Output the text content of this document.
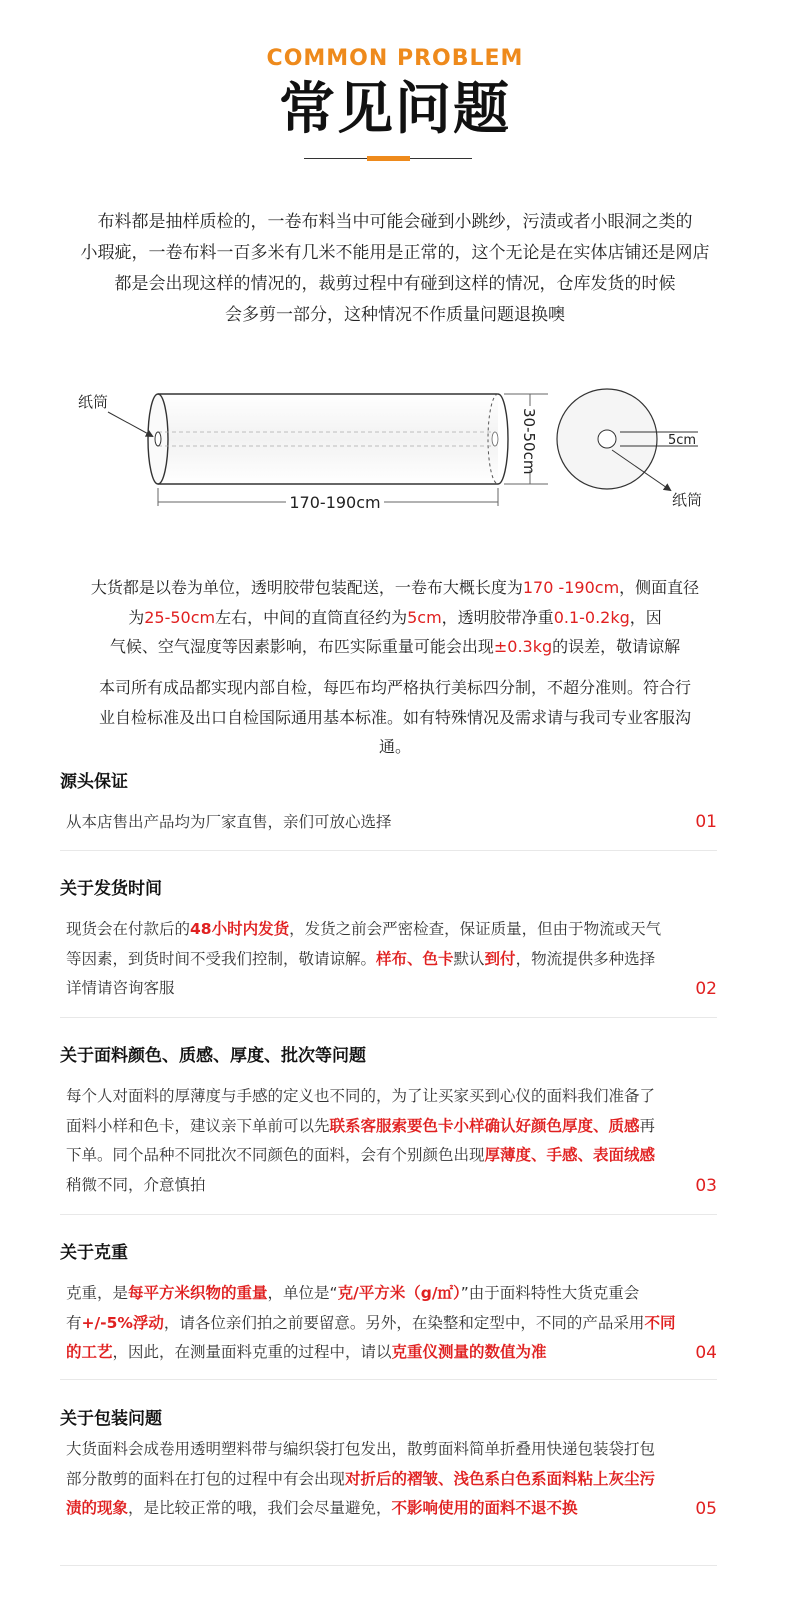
COMMON PROBLEM
常见问题

布料都是抽样质检的，一卷布料当中可能会碰到小跳纱，污渍或者小眼洞之类的

小瑕疵，一卷布料一百多米有几米不能用是正常的，这个无论是在实体店铺还是网店

都是会出现这样的情况的，裁剪过程中有碰到这样的情况，仓库发货的时候

会多剪一部分，这种情况不作质量问题退换噢

纸筒
170-190cm
30-50cm	5cm
纸筒

大货都是以卷为单位，透明胶带包装配送，一卷布大概长度为170 -190cm，侧面直径

为25-50cm左右，中间的直筒直径约为5cm，透明胶带净重0.1-0.2kg，因

气候、空气湿度等因素影响，布匹实际重量可能会出现±0.3kg的误差，敬请谅解

本司所有成品都实现内部自检，每匹布均严格执行美标四分制，不超分准则。符合行
业自检标准及出口自检国际通用基本标准。如有特殊情况及需求请与我司专业客服沟
通。
源头保证
从本店售出产品均为厂家直售，亲们可放心选择	01
关于发货时间
现货会在付款后的48小时内发货，发货之前会严密检查，保证质量，但由于物流或天气
等因素，到货时间不受我们控制，敬请谅解。样布、色卡默认到付，物流提供多种选择
详情请咨询客服	02
关于面料颜色、质感、厚度、批次等问题
每个人对面料的厚薄度与手感的定义也不同的，为了让买家买到心仪的面料我们准备了
面料小样和色卡，建议亲下单前可以先联系客服索要色卡小样确认好颜色厚度、质感再
下单。同个品种不同批次不同颜色的面料，会有个别颜色出现厚薄度、手感、表面绒感
稍微不同，介意慎拍	03
关于克重
克重，是每平方米织物的重量，单位是“克/平方米（g/㎡）”由于面料特性大货克重会
有+/-5%浮动，请各位亲们拍之前要留意。另外，在染整和定型中，不同的产品采用不同
的工艺，因此，在测量面料克重的过程中，请以克重仪测量的数值为准	04
关于包装问题
大货面料会成卷用透明塑料带与编织袋打包发出，散剪面料简单折叠用快递包装袋打包
部分散剪的面料在打包的过程中有会出现对折后的褶皱、浅色系白色系面料粘上灰尘污
渍的现象，是比较正常的哦，我们会尽量避免，不影响使用的面料不退不换	05
